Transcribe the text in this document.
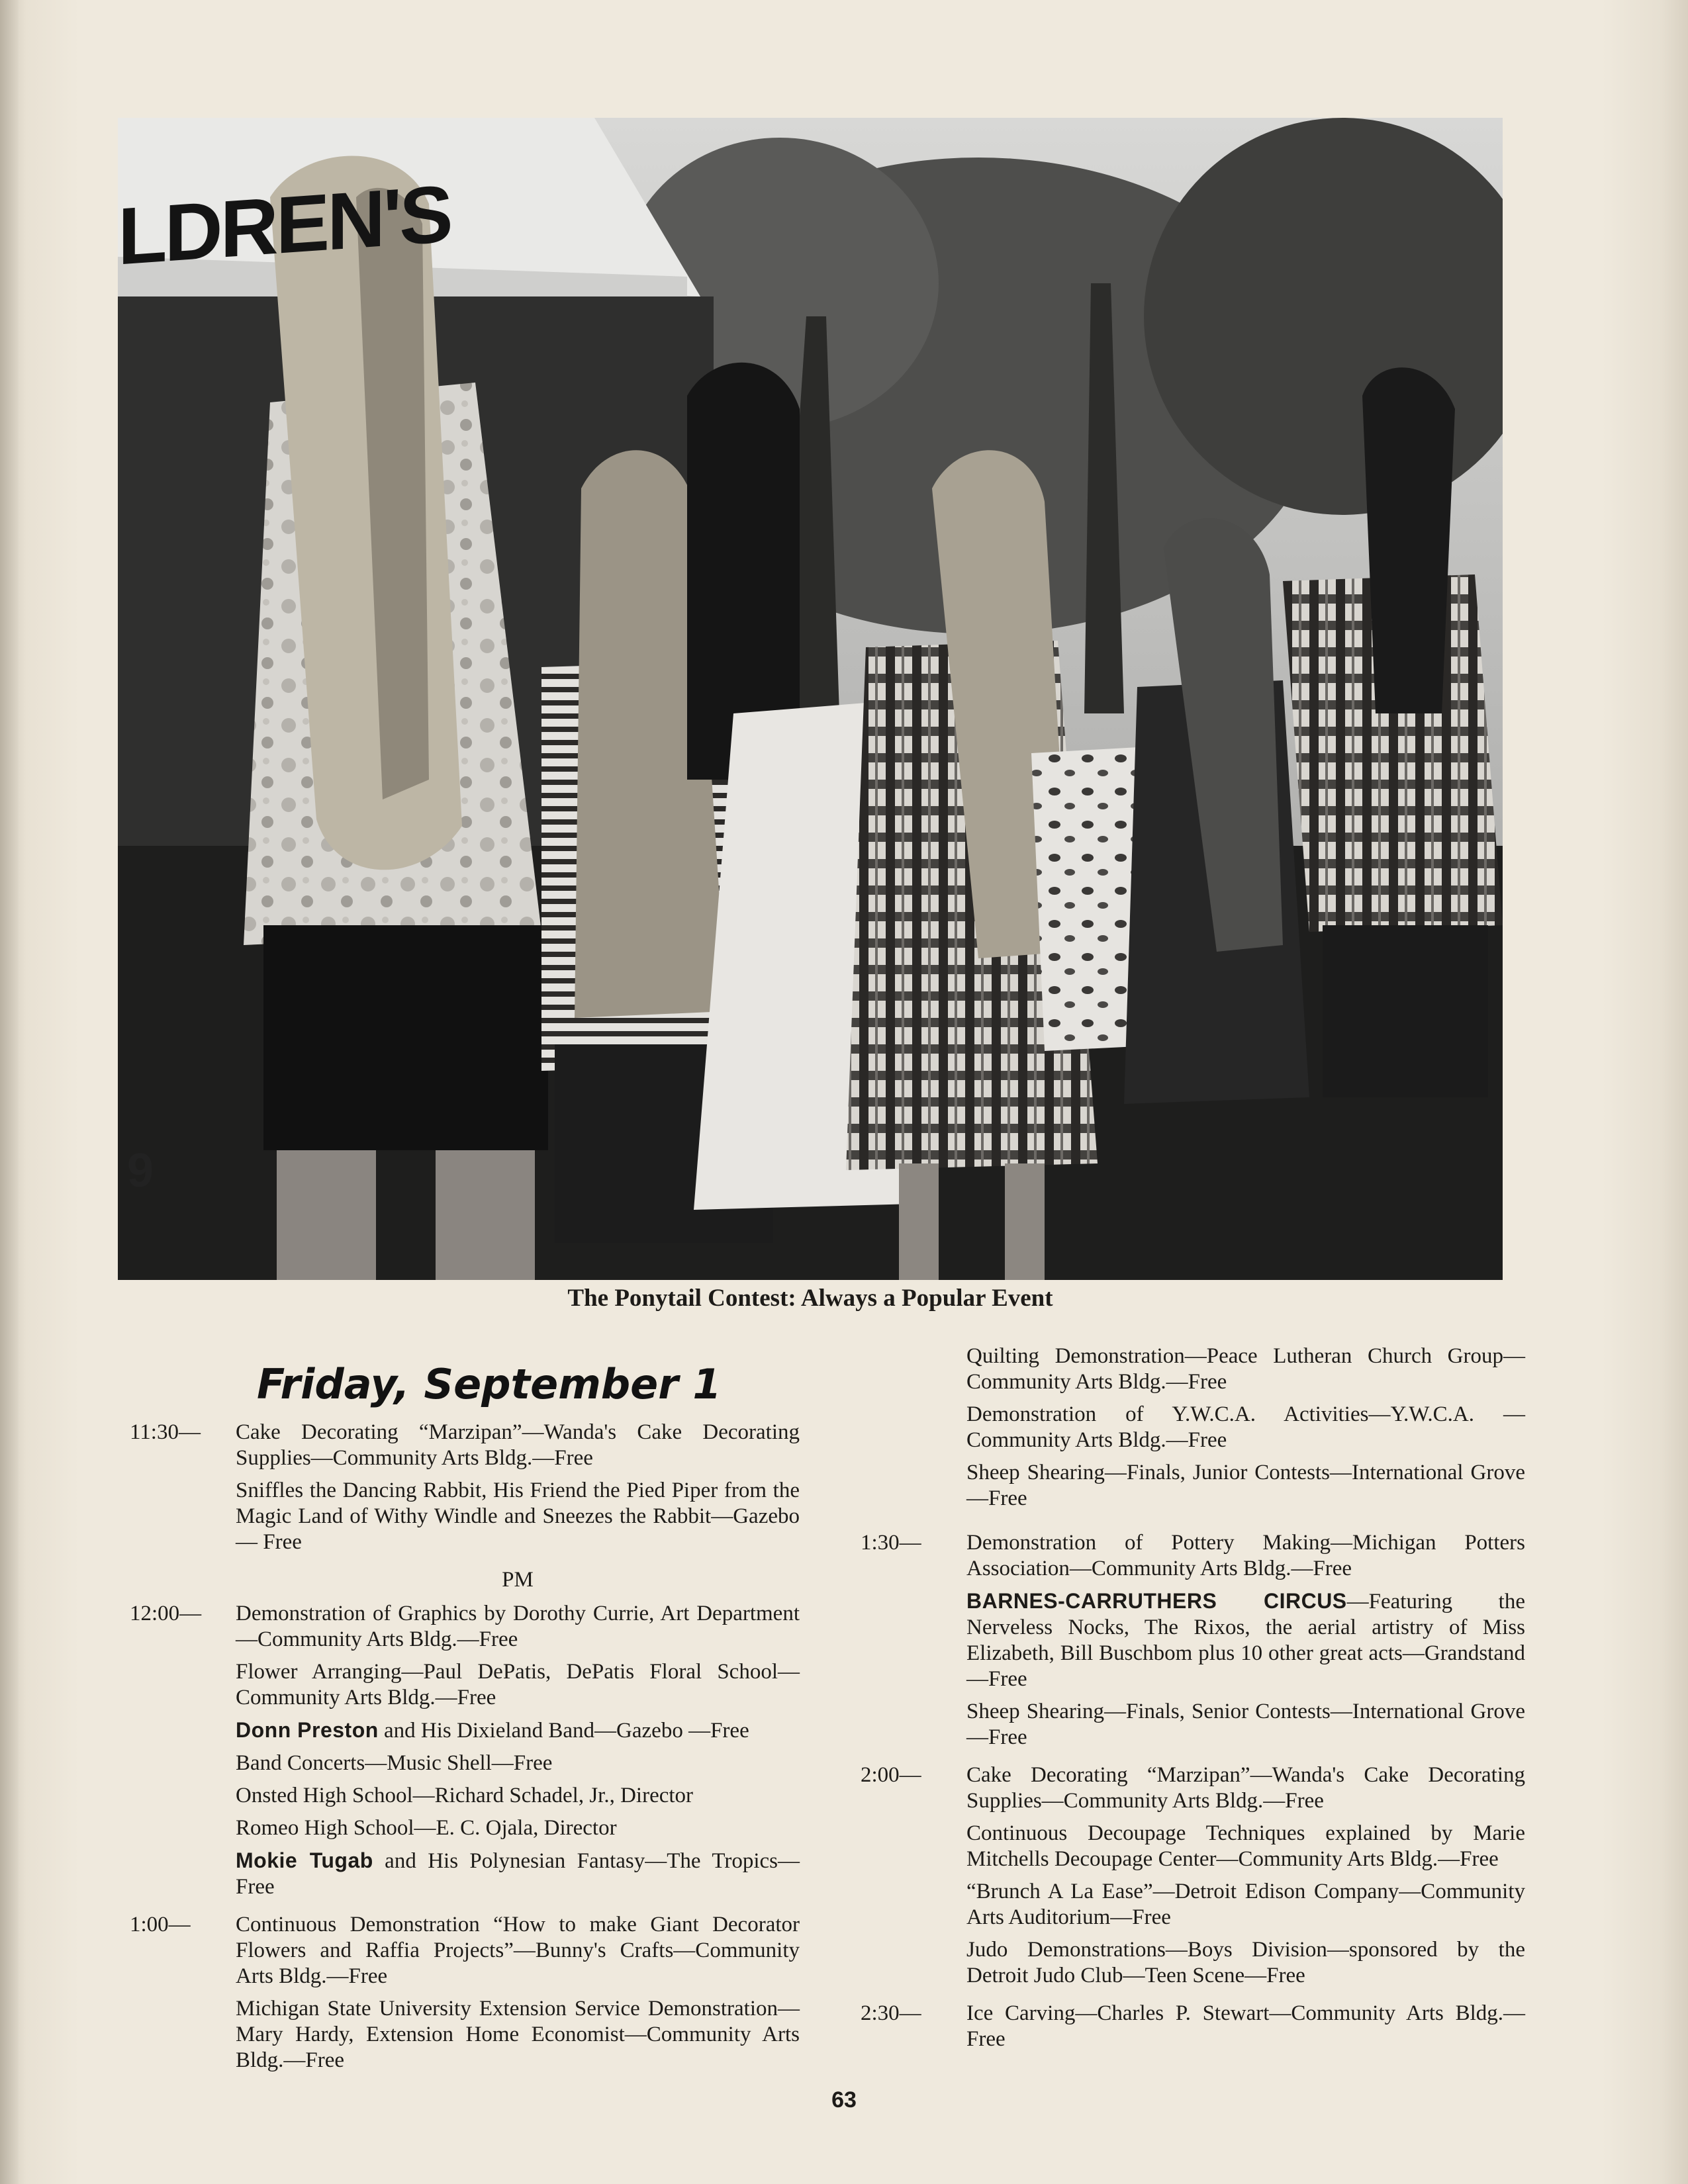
LDREN'S
9
The Ponytail Contest: Always a Popular Event
Friday, September 1
11:30—	Cake Decorating “Marzipan”—Wanda's Cake Decorating Supplies—Community Arts Bldg.—Free
Sniffles the Dancing Rabbit, His Friend the Pied Piper from the Magic Land of Withy Windle and Sneezes the Rabbit—Gazebo— Free
PM
12:00—	Demonstration of Graphics by Dorothy Currie, Art Department—Community Arts Bldg.—Free
Flower Arranging—Paul DePatis, DePatis Floral School—Community Arts Bldg.—Free
Donn Preston and His Dixieland Band—Gazebo —Free
Band Concerts—Music Shell—Free
Onsted High School—Richard Schadel, Jr., Director
Romeo High School—E. C. Ojala, Director
Mokie Tugab and His Polynesian Fantasy—The Tropics—Free
1:00—	Continuous Demonstration “How to make Giant Decorator Flowers and Raffia Projects”—Bunny's Crafts—Community Arts Bldg.—Free
Michigan State University Extension Service Demonstration—Mary Hardy, Extension Home Economist—Community Arts Bldg.—Free
Quilting Demonstration—Peace Lutheran Church Group—Community Arts Bldg.—Free
Demonstration of Y.W.C.A. Activities—Y.W.C.A. —Community Arts Bldg.—Free
Sheep Shearing—Finals, Junior Contests—International Grove—Free
1:30—	Demonstration of Pottery Making—Michigan Potters Association—Community Arts Bldg.—Free
BARNES-CARRUTHERS CIRCUS—Featuring the Nerveless Nocks, The Rixos, the aerial artistry of Miss Elizabeth, Bill Buschbom plus 10 other great acts—Grandstand—Free
Sheep Shearing—Finals, Senior Contests—International Grove—Free
2:00—	Cake Decorating “Marzipan”—Wanda's Cake Decorating Supplies—Community Arts Bldg.—Free
Continuous Decoupage Techniques explained by Marie Mitchells Decoupage Center—Community Arts Bldg.—Free
“Brunch A La Ease”—Detroit Edison Company—Community Arts Auditorium—Free
Judo Demonstrations—Boys Division—sponsored by the Detroit Judo Club—Teen Scene—Free
2:30—	Ice Carving—Charles P. Stewart—Community Arts Bldg.—Free
63
